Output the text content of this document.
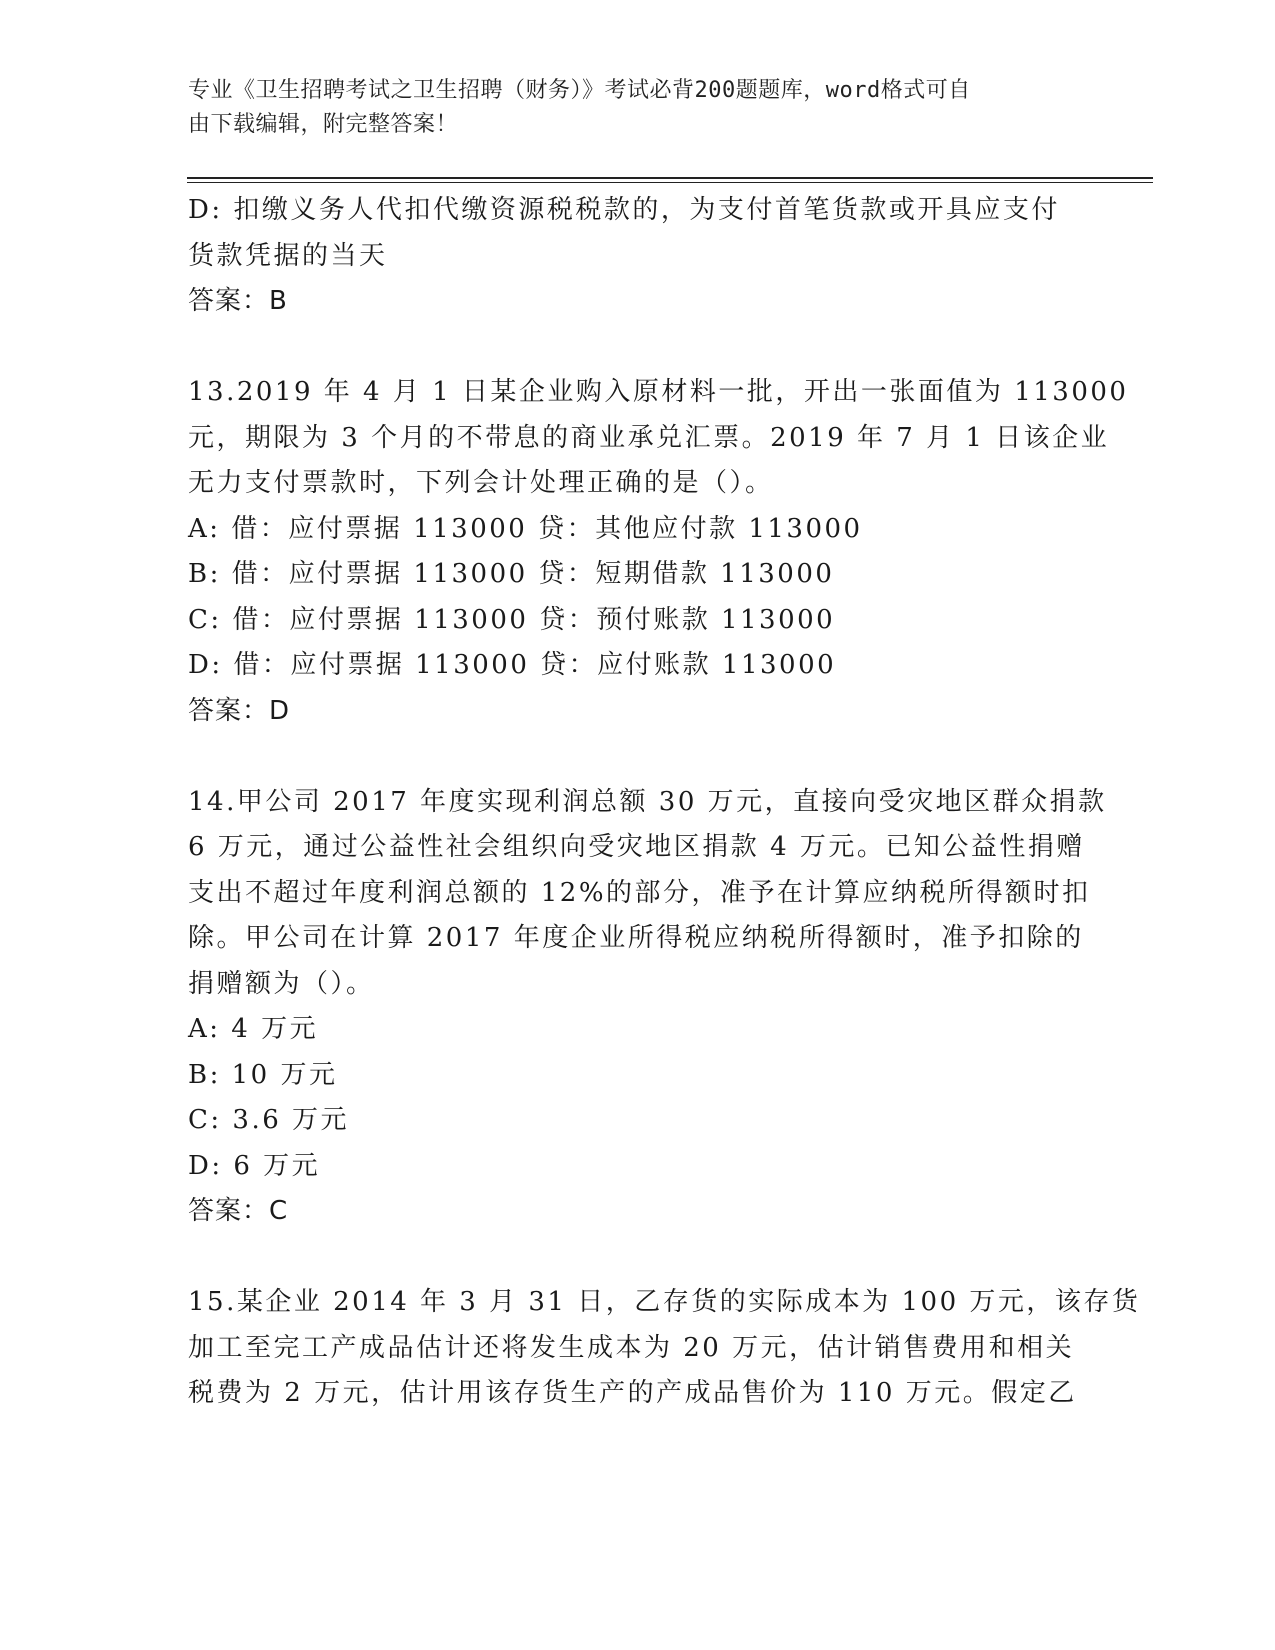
专业《卫生招聘考试之卫生招聘（财务）》考试必背200题题库，word格式可自
由下载编辑，附完整答案！
D: 扣缴义务人代扣代缴资源税税款的，为支付首笔货款或开具应支付
货款凭据的当天
答案：B
13.2019 年 4 月 1 日某企业购入原材料一批，开出一张面值为 113000
元，期限为 3 个月的不带息的商业承兑汇票。2019 年 7 月 1 日该企业
无力支付票款时，下列会计处理正确的是（）。
A: 借：应付票据 113000 贷：其他应付款 113000
B: 借：应付票据 113000 贷：短期借款 113000
C: 借：应付票据 113000 贷：预付账款 113000
D: 借：应付票据 113000 贷：应付账款 113000
答案：D
14.甲公司 2017 年度实现利润总额 30 万元，直接向受灾地区群众捐款
6 万元，通过公益性社会组织向受灾地区捐款 4 万元。已知公益性捐赠
支出不超过年度利润总额的 12%的部分，准予在计算应纳税所得额时扣
除。甲公司在计算 2017 年度企业所得税应纳税所得额时，准予扣除的
捐赠额为（）。
A: 4 万元
B: 10 万元
C: 3.6 万元
D: 6 万元
答案：C
15.某企业 2014 年 3 月 31 日，乙存货的实际成本为 100 万元，该存货
加工至完工产成品估计还将发生成本为 20 万元，估计销售费用和相关
税费为 2 万元，估计用该存货生产的产成品售价为 110 万元。假定乙
